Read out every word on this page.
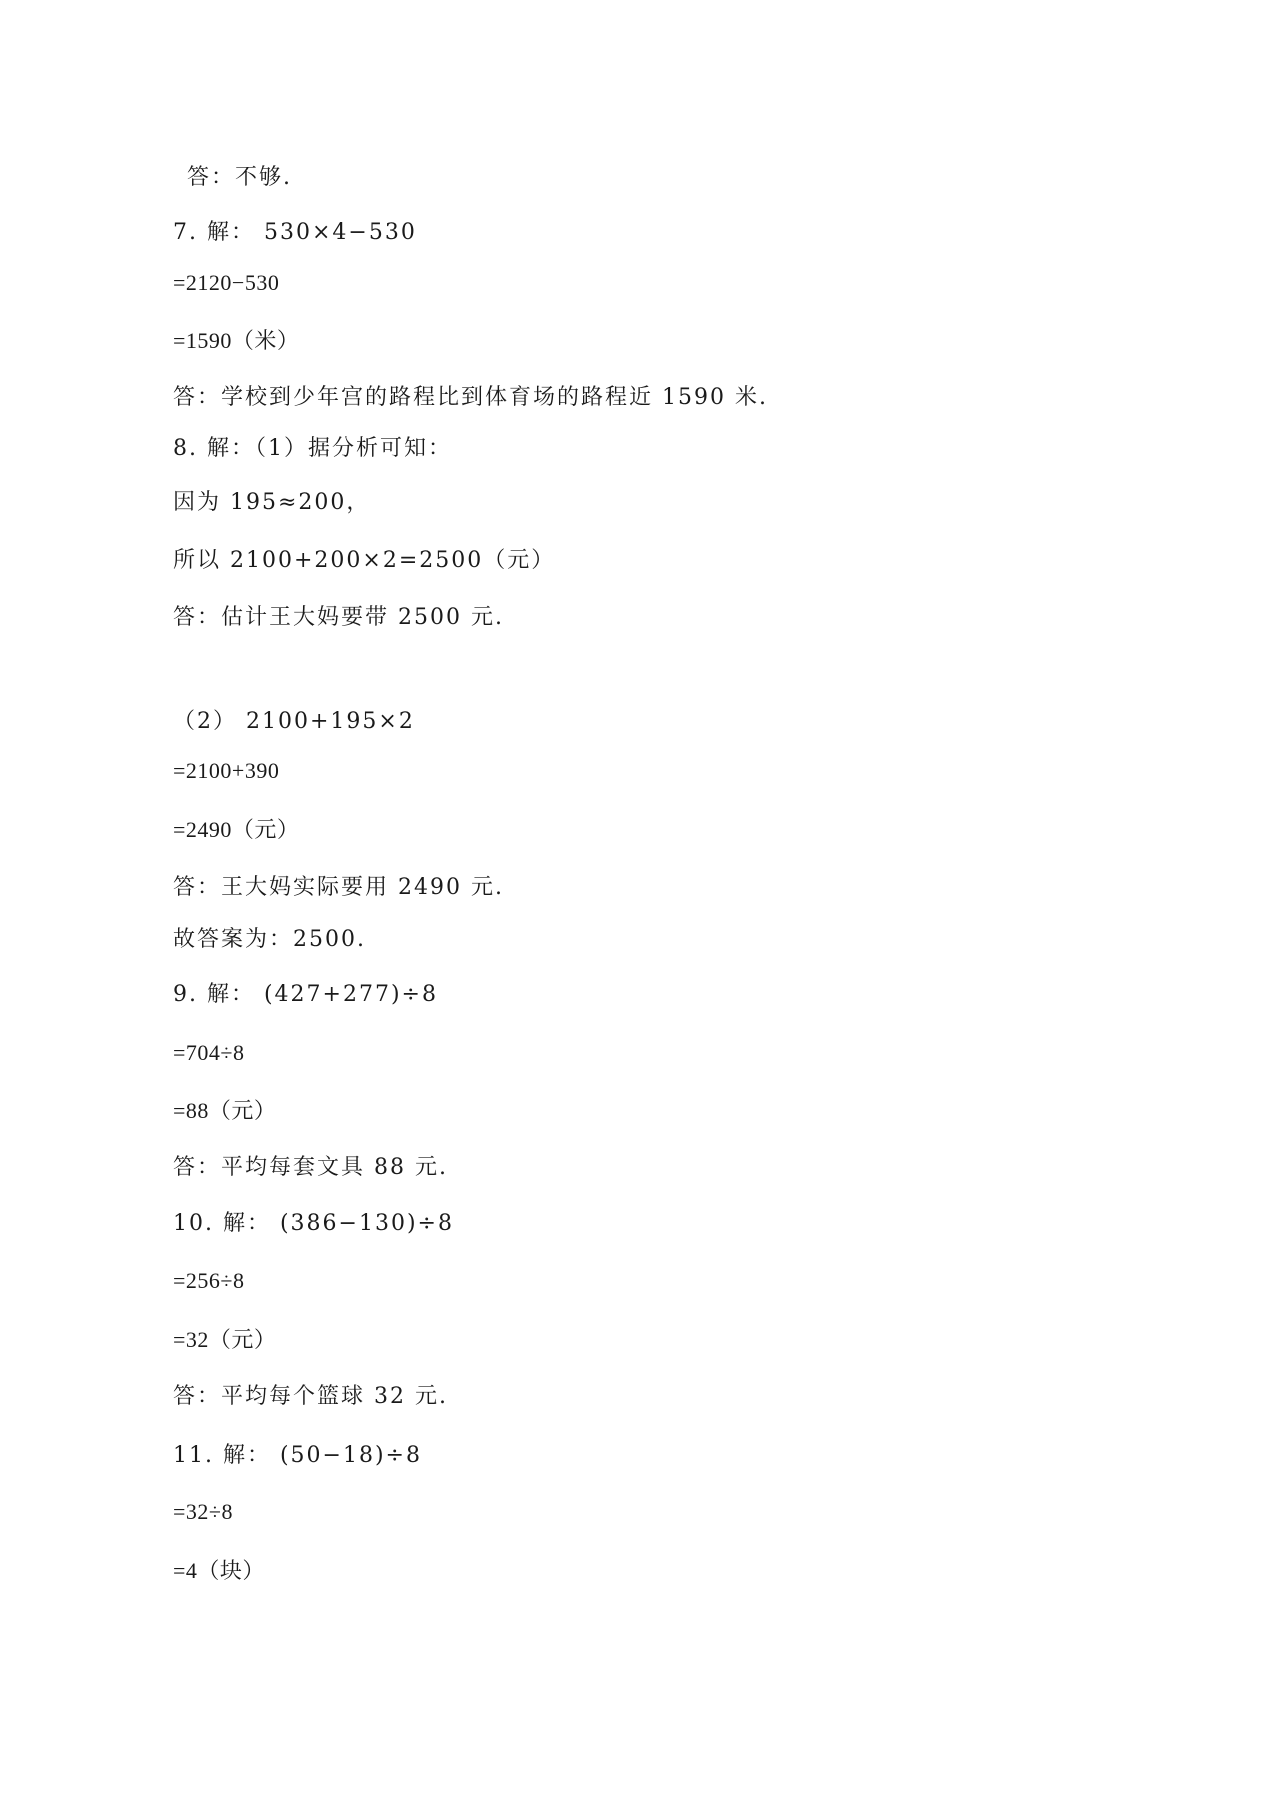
答：不够.
7. 解： 530×4−530
=2120−530
=1590（米）
答：学校到少年宫的路程比到体育场的路程近 1590 米.
8. 解：（1）据分析可知：
因为 195≈200，
所以 2100+200×2=2500（元）
答：估计王大妈要带 2500 元.
（2） 2100+195×2
=2100+390
=2490（元）
答：王大妈实际要用 2490 元.
故答案为：2500.
9. 解： (427+277)÷8
=704÷8
=88（元）
答：平均每套文具 88 元.
10. 解： (386−130)÷8
=256÷8
=32（元）
答：平均每个篮球 32 元.
11. 解： (50−18)÷8
=32÷8
=4（块）
